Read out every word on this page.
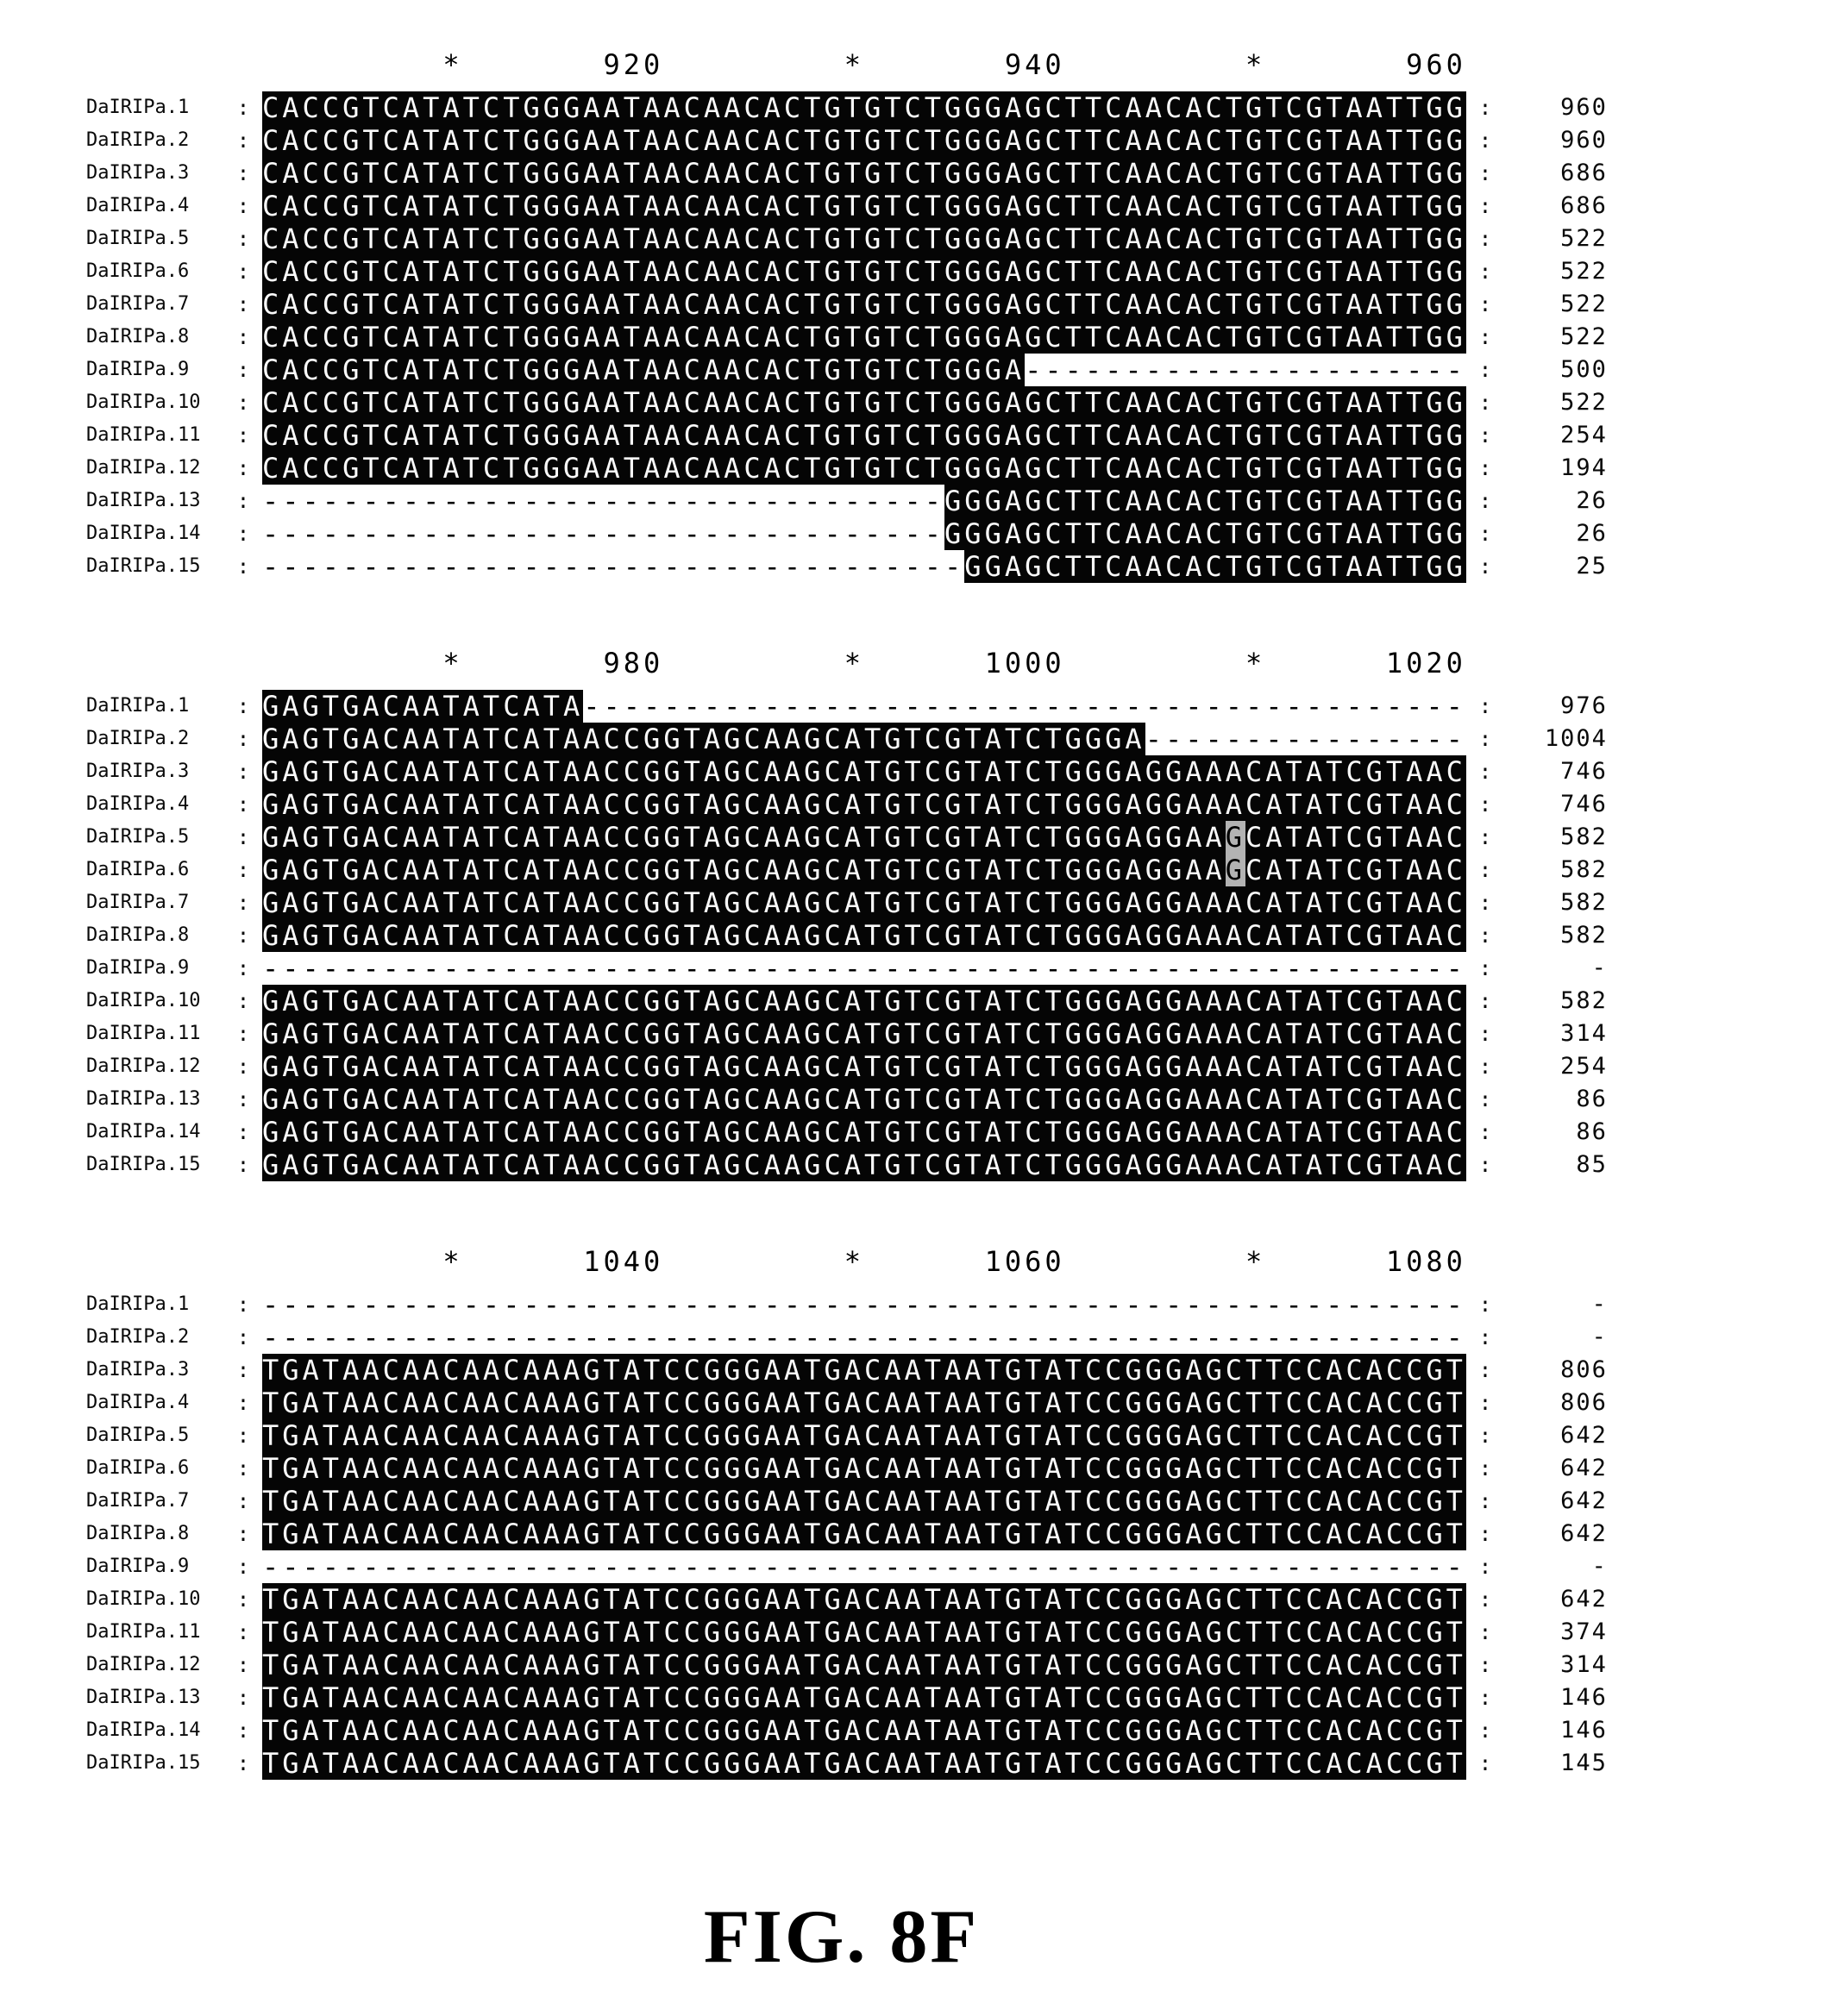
*       920         *       940         *       960
DaIRIPa.1	: CACCGTCATATCTGGGAATAACAACACTGTGTCTGGGAGCTTCAACACTGTCGTAATTGG :	960
DaIRIPa.2	: CACCGTCATATCTGGGAATAACAACACTGTGTCTGGGAGCTTCAACACTGTCGTAATTGG :	960
DaIRIPa.3	: CACCGTCATATCTGGGAATAACAACACTGTGTCTGGGAGCTTCAACACTGTCGTAATTGG :	686
DaIRIPa.4	: CACCGTCATATCTGGGAATAACAACACTGTGTCTGGGAGCTTCAACACTGTCGTAATTGG :	686
DaIRIPa.5	: CACCGTCATATCTGGGAATAACAACACTGTGTCTGGGAGCTTCAACACTGTCGTAATTGG :	522
DaIRIPa.6	: CACCGTCATATCTGGGAATAACAACACTGTGTCTGGGAGCTTCAACACTGTCGTAATTGG :	522
DaIRIPa.7	: CACCGTCATATCTGGGAATAACAACACTGTGTCTGGGAGCTTCAACACTGTCGTAATTGG :	522
DaIRIPa.8	: CACCGTCATATCTGGGAATAACAACACTGTGTCTGGGAGCTTCAACACTGTCGTAATTGG :	522
DaIRIPa.9	: CACCGTCATATCTGGGAATAACAACACTGTGTCTGGGA---------------------- :	500
DaIRIPa.10	: CACCGTCATATCTGGGAATAACAACACTGTGTCTGGGAGCTTCAACACTGTCGTAATTGG :	522
DaIRIPa.11	: CACCGTCATATCTGGGAATAACAACACTGTGTCTGGGAGCTTCAACACTGTCGTAATTGG :	254
DaIRIPa.12	: CACCGTCATATCTGGGAATAACAACACTGTGTCTGGGAGCTTCAACACTGTCGTAATTGG :	194
DaIRIPa.13	: ----------------------------------GGGAGCTTCAACACTGTCGTAATTGG :	26
DaIRIPa.14	: ----------------------------------GGGAGCTTCAACACTGTCGTAATTGG :	26
DaIRIPa.15	: -----------------------------------GGAGCTTCAACACTGTCGTAATTGG :	25
*       980         *      1000         *      1020
DaIRIPa.1	: GAGTGACAATATCATA-------------------------------------------- :	976
DaIRIPa.2	: GAGTGACAATATCATAACCGGTAGCAAGCATGTCGTATCTGGGA---------------- :	1004
DaIRIPa.3	: GAGTGACAATATCATAACCGGTAGCAAGCATGTCGTATCTGGGAGGAAACATATCGTAAC :	746
DaIRIPa.4	: GAGTGACAATATCATAACCGGTAGCAAGCATGTCGTATCTGGGAGGAAACATATCGTAAC :	746
DaIRIPa.5	: GAGTGACAATATCATAACCGGTAGCAAGCATGTCGTATCTGGGAGGAAGCATATCGTAAC :	582
DaIRIPa.6	: GAGTGACAATATCATAACCGGTAGCAAGCATGTCGTATCTGGGAGGAAGCATATCGTAAC :	582
DaIRIPa.7	: GAGTGACAATATCATAACCGGTAGCAAGCATGTCGTATCTGGGAGGAAACATATCGTAAC :	582
DaIRIPa.8	: GAGTGACAATATCATAACCGGTAGCAAGCATGTCGTATCTGGGAGGAAACATATCGTAAC :	582
DaIRIPa.9	: ------------------------------------------------------------ :	-
DaIRIPa.10	: GAGTGACAATATCATAACCGGTAGCAAGCATGTCGTATCTGGGAGGAAACATATCGTAAC :	582
DaIRIPa.11	: GAGTGACAATATCATAACCGGTAGCAAGCATGTCGTATCTGGGAGGAAACATATCGTAAC :	314
DaIRIPa.12	: GAGTGACAATATCATAACCGGTAGCAAGCATGTCGTATCTGGGAGGAAACATATCGTAAC :	254
DaIRIPa.13	: GAGTGACAATATCATAACCGGTAGCAAGCATGTCGTATCTGGGAGGAAACATATCGTAAC :	86
DaIRIPa.14	: GAGTGACAATATCATAACCGGTAGCAAGCATGTCGTATCTGGGAGGAAACATATCGTAAC :	86
DaIRIPa.15	: GAGTGACAATATCATAACCGGTAGCAAGCATGTCGTATCTGGGAGGAAACATATCGTAAC :	85
*      1040         *      1060         *      1080
DaIRIPa.1	: ------------------------------------------------------------ :	-
DaIRIPa.2	: ------------------------------------------------------------ :	-
DaIRIPa.3	: TGATAACAACAACAAAGTATCCGGGAATGACAATAATGTATCCGGGAGCTTCCACACCGT :	806
DaIRIPa.4	: TGATAACAACAACAAAGTATCCGGGAATGACAATAATGTATCCGGGAGCTTCCACACCGT :	806
DaIRIPa.5	: TGATAACAACAACAAAGTATCCGGGAATGACAATAATGTATCCGGGAGCTTCCACACCGT :	642
DaIRIPa.6	: TGATAACAACAACAAAGTATCCGGGAATGACAATAATGTATCCGGGAGCTTCCACACCGT :	642
DaIRIPa.7	: TGATAACAACAACAAAGTATCCGGGAATGACAATAATGTATCCGGGAGCTTCCACACCGT :	642
DaIRIPa.8	: TGATAACAACAACAAAGTATCCGGGAATGACAATAATGTATCCGGGAGCTTCCACACCGT :	642
DaIRIPa.9	: ------------------------------------------------------------ :	-
DaIRIPa.10	: TGATAACAACAACAAAGTATCCGGGAATGACAATAATGTATCCGGGAGCTTCCACACCGT :	642
DaIRIPa.11	: TGATAACAACAACAAAGTATCCGGGAATGACAATAATGTATCCGGGAGCTTCCACACCGT :	374
DaIRIPa.12	: TGATAACAACAACAAAGTATCCGGGAATGACAATAATGTATCCGGGAGCTTCCACACCGT :	314
DaIRIPa.13	: TGATAACAACAACAAAGTATCCGGGAATGACAATAATGTATCCGGGAGCTTCCACACCGT :	146
DaIRIPa.14	: TGATAACAACAACAAAGTATCCGGGAATGACAATAATGTATCCGGGAGCTTCCACACCGT :	146
DaIRIPa.15	: TGATAACAACAACAAAGTATCCGGGAATGACAATAATGTATCCGGGAGCTTCCACACCGT :	145
FIG. 8F
